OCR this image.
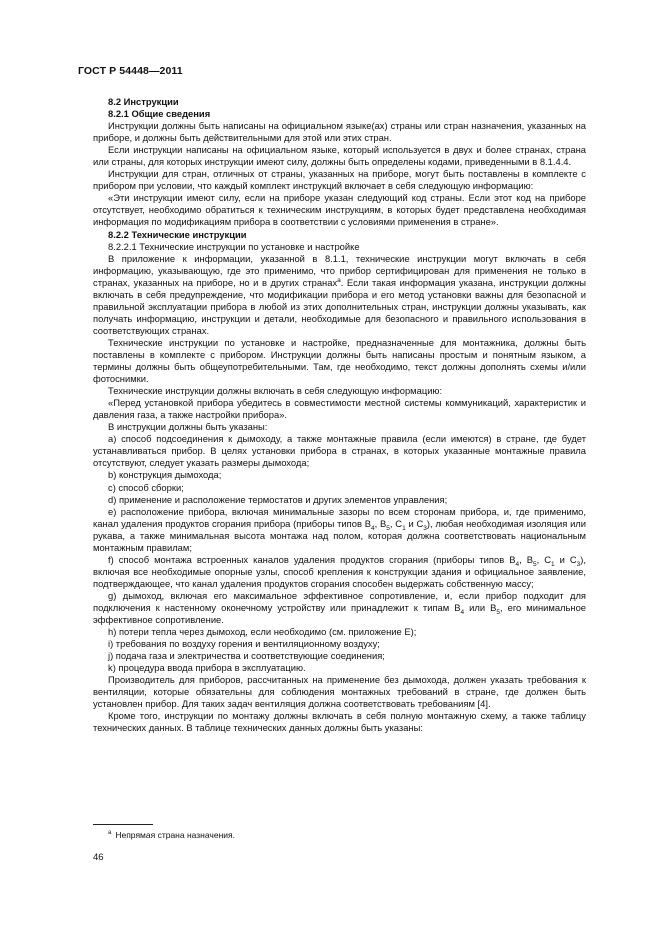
ГОСТ Р 54448—2011

8.2 Инструкции

8.2.1 Общие сведения

Инструкции должны быть написаны на официальном языке(ах) страны или стран назначения, указанных на приборе, и должны быть действительными для этой или этих стран.

Если инструкции написаны на официальном языке, который используется в двух и более странах, страна или страны, для которых инструкции имеют силу, должны быть определены кодами, приведенными в 8.1.4.4.

Инструкции для стран, отличных от страны, указанных на приборе, могут быть поставлены в комплекте с прибором при условии, что каждый комплект инструкций включает в себя следующую информацию:

«Эти инструкции имеют силу, если на приборе указан следующий код страны. Если этот код на приборе отсутствует, необходимо обратиться к техническим инструкциям, в которых будет представлена необходимая информация по модификациям прибора в соответствии с условиями применения в стране».

8.2.2 Технические инструкции

8.2.2.1 Технические инструкции по установке и настройке

В приложение к информации, указанной в 8.1.1, технические инструкции могут включать в себя информацию, указывающую, где это применимо, что прибор сертифицирован для применения не только в странах, указанных на приборе, но и в других странах$^а$. Если такая информация указана, инструкции должны включать в себя предупреждение, что модификации прибора и его метод установки важны для безопасной и правильной эксплуатации прибора в любой из этих дополнительных стран, инструкции должны указывать, как получать информацию, инструкции и детали, необходимые для безопасного и правильного использования в соответствующих странах.

Технические инструкции по установке и настройке, предназначенные для монтажника, должны быть поставлены в комплекте с прибором. Инструкции должны быть написаны простым и понятным языком, а термины должны быть общеупотребительными. Там, где необходимо, текст должны дополнять схемы и/или фотоснимки.

Технические инструкции должны включать в себя следующую информацию:

«Перед установкой прибора убедитесь в совместимости местной системы коммуникаций, характеристик и давления газа, а также настройки прибора».

В инструкции должны быть указаны:

a) способ подсоединения к дымоходу, а также монтажные правила (если имеются) в стране, где будет устанавливаться прибор. В целях установки прибора в странах, в которых указанные монтажные правила отсутствуют, следует указать размеры дымохода;

b) конструкция дымохода;

c) способ сборки;

d) применение и расположение термостатов и других элементов управления;

e) расположение прибора, включая минимальные зазоры по всем сторонам прибора, и, где применимо, канал удаления продуктов сгорания прибора (приборы типов $B_4$, $B_5$, $C_1$ и $C_3$), любая необходимая изоляция или рукава, а также минимальная высота монтажа над полом, которая должна соответствовать национальным монтажным правилам;

f) способ монтажа встроенных каналов удаления продуктов сгорания (приборы типов $B_4$, $B_5$, $C_1$ и $C_3$), включая все необходимые опорные узлы, способ крепления к конструкции здания и официальное заявление, подтверждающее, что канал удаления продуктов сгорания способен выдержать собственную массу;

g) дымоход, включая его максимальное эффективное сопротивление, и, если прибор подходит для подключения к настенному оконечному устройству или принадлежит к типам $B_4$ или $B_5$, его минимальное эффективное сопротивление.

h) потери тепла через дымоход, если необходимо (см. приложение E);

i) требования по воздуху горения и вентиляционному воздуху;

j) подача газа и электричества и соответствующие соединения;

k) процедура ввода прибора в эксплуатацию.

Производитель для приборов, рассчитанных на применение без дымохода, должен указать требования к вентиляции, которые обязательны для соблюдения монтажных требований в стране, где должен быть установлен прибор. Для таких задач вентиляция должна соответствовать требованиям [4].

Кроме того, инструкции по монтажу должны включать в себя полную монтажную схему, а также таблицу технических данных. В таблице технических данных должны быть указаны:

$^а$ Непрямая страна назначения.
46
